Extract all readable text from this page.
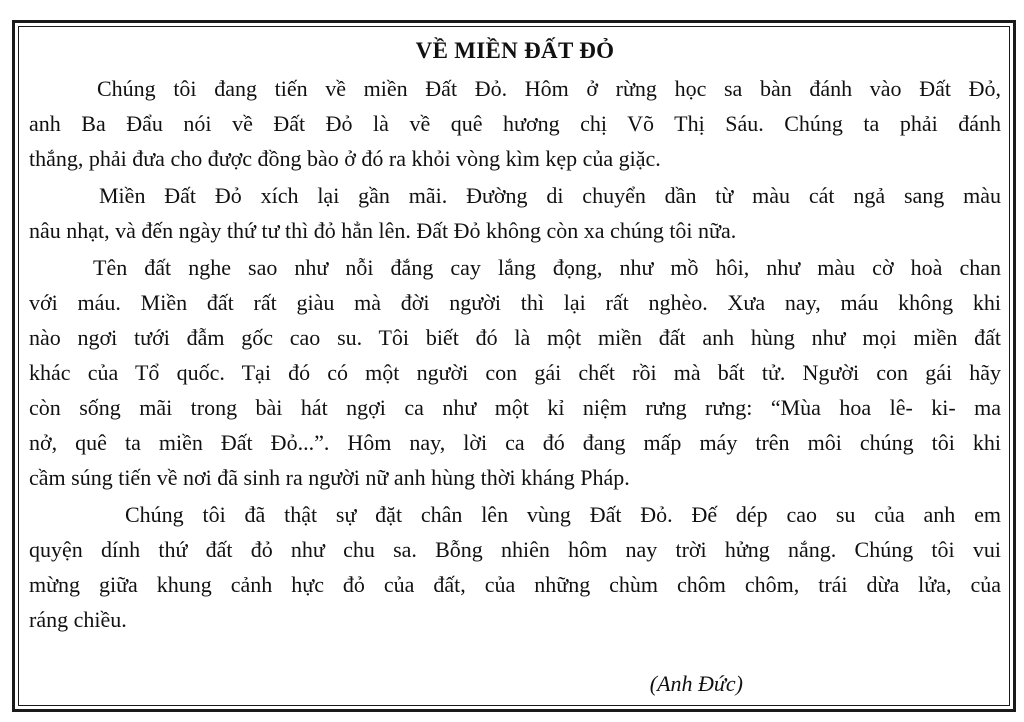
VỀ MIỀN ĐẤT ĐỎ
Chúng tôi đang tiến về miền Đất Đỏ. Hôm ở rừng học sa bàn đánh vào Đất Đỏ,
anh Ba Đẩu nói về Đất Đỏ là về quê hương chị Võ Thị Sáu. Chúng ta phải đánh
thắng, phải đưa cho được đồng bào ở đó ra khỏi vòng kìm kẹp của giặc.
Miền Đất Đỏ xích lại gần mãi. Đường di chuyển dần từ màu cát ngả sang màu
nâu nhạt, và đến ngày thứ tư thì đỏ hẳn lên. Đất Đỏ không còn xa chúng tôi nữa.
Tên đất nghe sao như nỗi đắng cay lắng đọng, như mồ hôi, như màu cờ hoà chan
với máu. Miền đất rất giàu mà đời người thì lại rất nghèo. Xưa nay, máu không khi
nào ngơi tưới đẫm gốc cao su. Tôi biết đó là một miền đất anh hùng như mọi miền đất
khác của Tổ quốc. Tại đó có một người con gái chết rồi mà bất tử. Người con gái hãy
còn sống mãi trong bài hát ngợi ca như một kỉ niệm rưng rưng: “Mùa hoa lê- ki- ma
nở, quê ta miền Đất Đỏ...”. Hôm nay, lời ca đó đang mấp máy trên môi chúng tôi khi
cầm súng tiến về nơi đã sinh ra người nữ anh hùng thời kháng Pháp.
Chúng tôi đã thật sự đặt chân lên vùng Đất Đỏ. Đế dép cao su của anh em
quyện dính thứ đất đỏ như chu sa. Bỗng nhiên hôm nay trời hửng nắng. Chúng tôi vui
mừng giữa khung cảnh hực đỏ của đất, của những chùm chôm chôm, trái dừa lửa, của
ráng chiều.
(Anh Đức)
